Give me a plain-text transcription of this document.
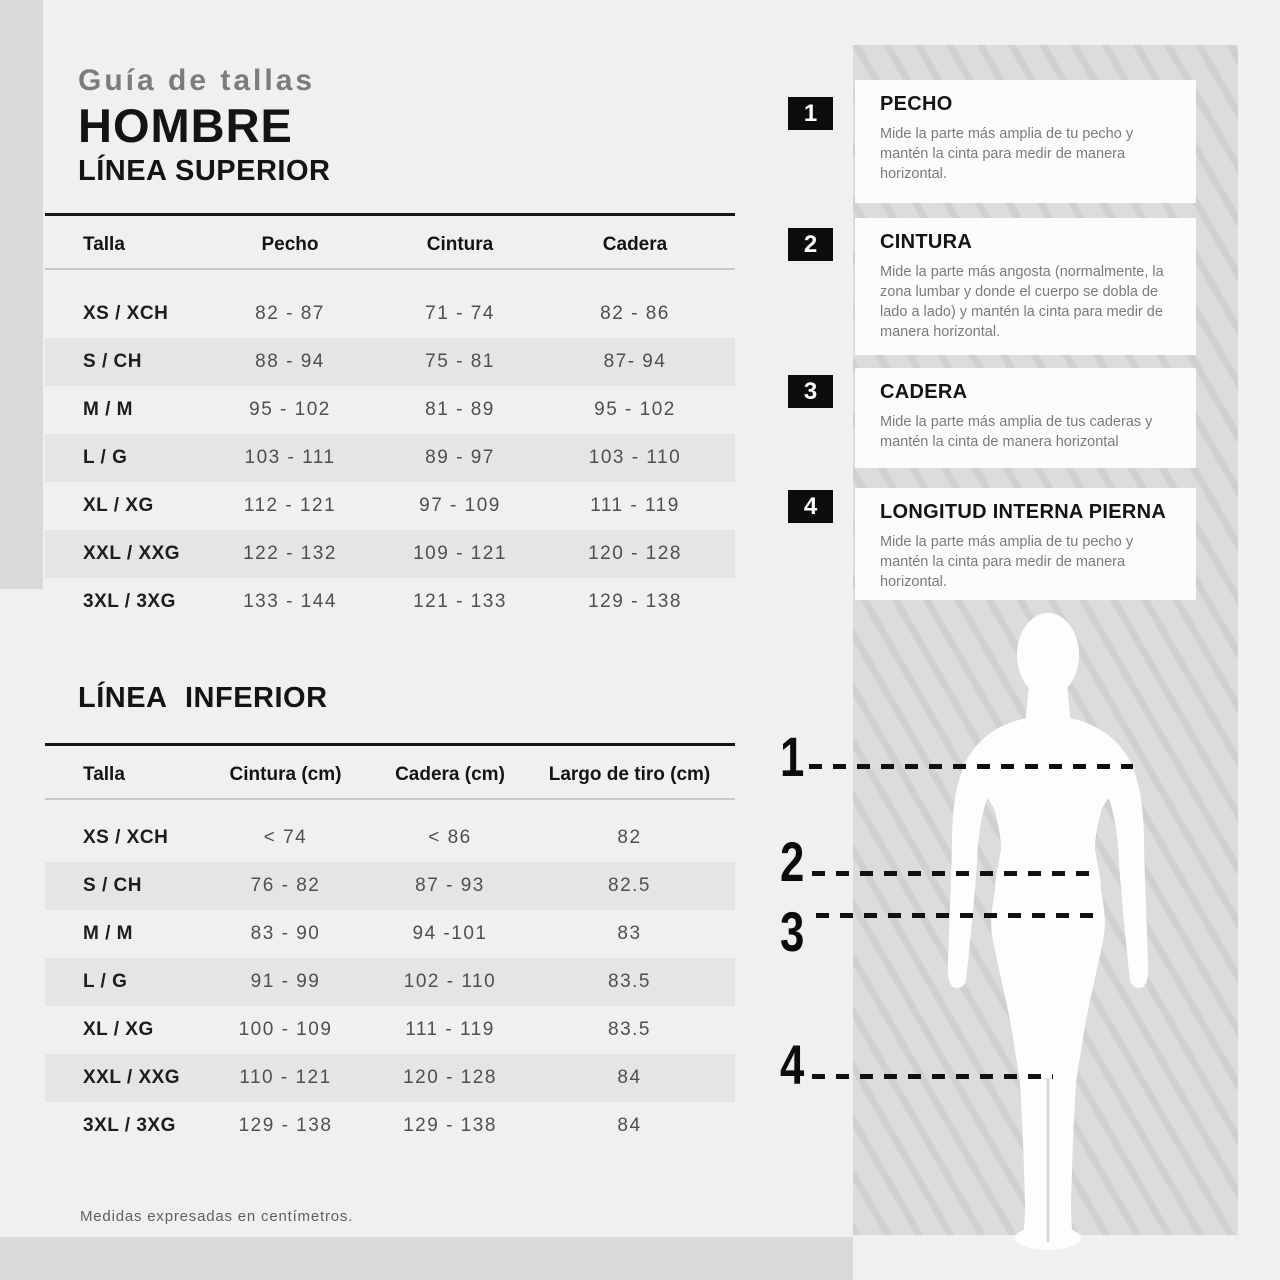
Guía de tallas
HOMBRE
LÍNEA SUPERIOR
Talla	Pecho	Cintura	Cadera
XS / XCH	82 - 87	71 - 74	82 - 86
S / CH	88 - 94	75 - 81	87- 94
M / M	95 - 102	81 - 89	95 - 102
L / G	103 - 111	89 - 97	103 - 110
XL / XG	112 - 121	97 - 109	111 - 119
XXL / XXG	122 - 132	109 - 121	120 - 128
3XL / 3XG	133 - 144	121 - 133	129 - 138
LÍNEA INFERIOR
Talla	Cintura (cm)	Cadera (cm)	Largo de tiro (cm)
XS / XCH	< 74	< 86	82
S / CH	76 - 82	87 - 93	82.5
M / M	83 - 90	94 -101	83
L / G	91 - 99	102 - 110	83.5
XL / XG	100 - 109	111 - 119	83.5
XXL / XXG	110 - 121	120 - 128	84
3XL / 3XG	129 - 138	129 - 138	84
Medidas expresadas en centímetros.
1	PECHO
Mide la parte más amplia de tu pecho y mantén la cinta para medir de manera horizontal.
2	CINTURA
Mide la parte más angosta (normalmente, la zona lumbar y donde el cuerpo se dobla de lado a lado) y mantén la cinta para medir de manera horizontal.
3	CADERA
Mide la parte más amplia de tus caderas y mantén la cinta de manera horizontal
4	LONGITUD INTERNA PIERNA
Mide la parte más amplia de tu pecho y mantén la cinta para medir de manera horizontal.
1
2
3
4
